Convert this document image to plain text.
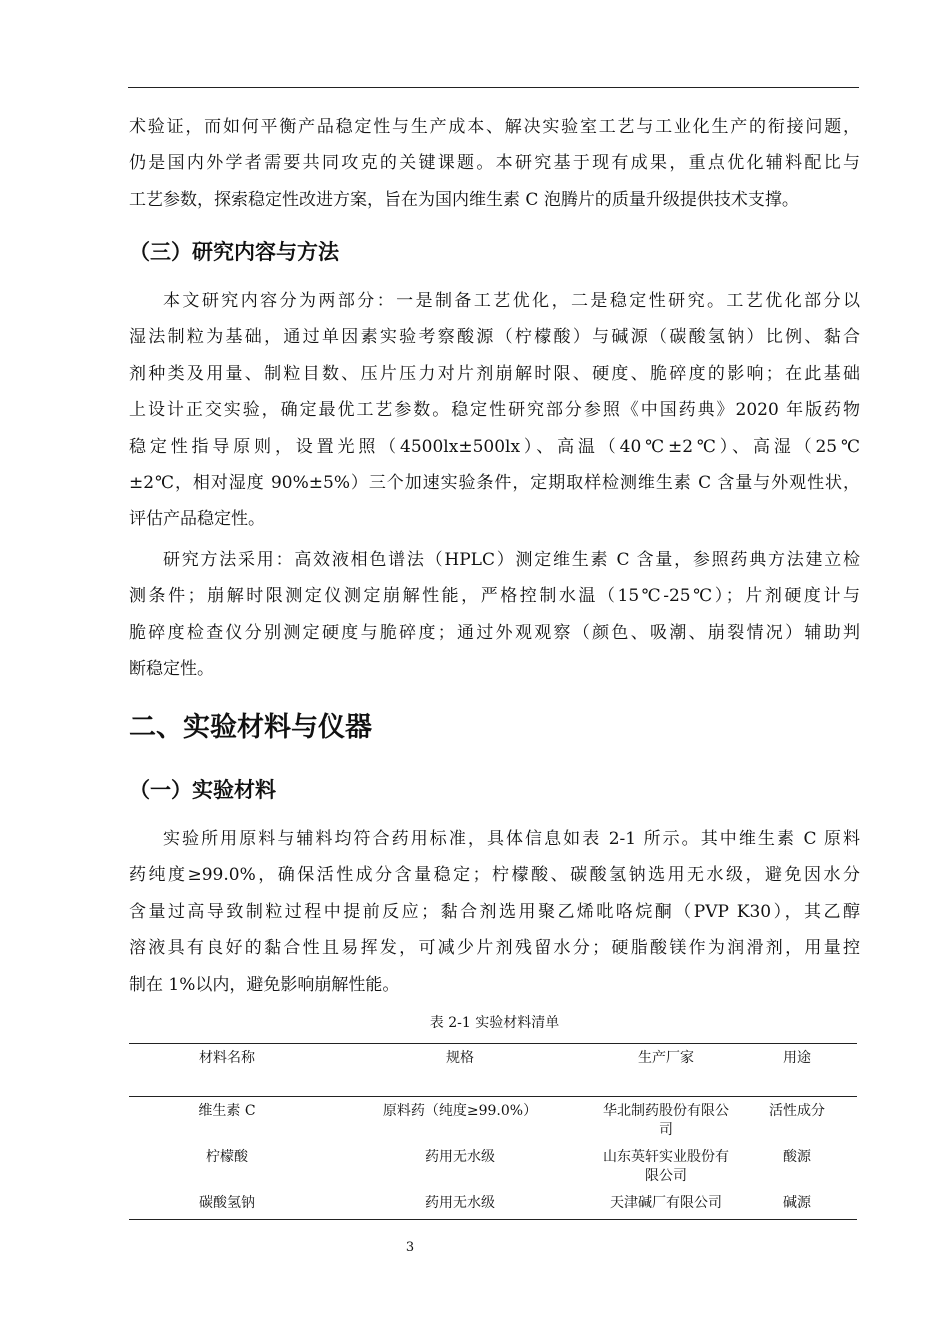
术验证，而如何平衡产品稳定性与生产成本、解决实验室工艺与工业化生产的衔接问题，
仍是国内外学者需要共同攻克的关键课题。本研究基于现有成果，重点优化辅料配比与
工艺参数，探索稳定性改进方案，旨在为国内维生素 C 泡腾片的质量升级提供技术支撑。
（三）研究内容与方法
本文研究内容分为两部分：一是制备工艺优化，二是稳定性研究。工艺优化部分以
湿法制粒为基础，通过单因素实验考察酸源（柠檬酸）与碱源（碳酸氢钠）比例、黏合
剂种类及用量、制粒目数、压片压力对片剂崩解时限、硬度、脆碎度的影响；在此基础
上设计正交实验，确定最优工艺参数。稳定性研究部分参照《中国药典》2020 年版药物
稳定性指导原则，设置光照（4500lx±500lx）、高温（40℃±2℃）、高湿（25℃
±2℃，相对湿度 90%±5%）三个加速实验条件，定期取样检测维生素 C 含量与外观性状，
评估产品稳定性。
研究方法采用：高效液相色谱法（HPLC）测定维生素 C 含量，参照药典方法建立检
测条件；崩解时限测定仪测定崩解性能，严格控制水温（15℃-25℃）；片剂硬度计与
脆碎度检查仪分别测定硬度与脆碎度；通过外观观察（颜色、吸潮、崩裂情况）辅助判
断稳定性。
二、实验材料与仪器
（一）实验材料
实验所用原料与辅料均符合药用标准，具体信息如表 2-1 所示。其中维生素 C 原料
药纯度≥99.0%，确保活性成分含量稳定；柠檬酸、碳酸氢钠选用无水级，避免因水分
含量过高导致制粒过程中提前反应；黏合剂选用聚乙烯吡咯烷酮（PVP K30），其乙醇
溶液具有良好的黏合性且易挥发，可减少片剂残留水分；硬脂酸镁作为润滑剂，用量控
制在 1%以内，避免影响崩解性能。
表 2-1 实验材料清单
材料名称	规格	生产厂家	用途
维生素 C	原料药（纯度≥99.0%）	华北制药股份有限公司	活性成分
柠檬酸	药用无水级	山东英轩实业股份有限公司	酸源
碳酸氢钠	药用无水级	天津碱厂有限公司	碱源
3
